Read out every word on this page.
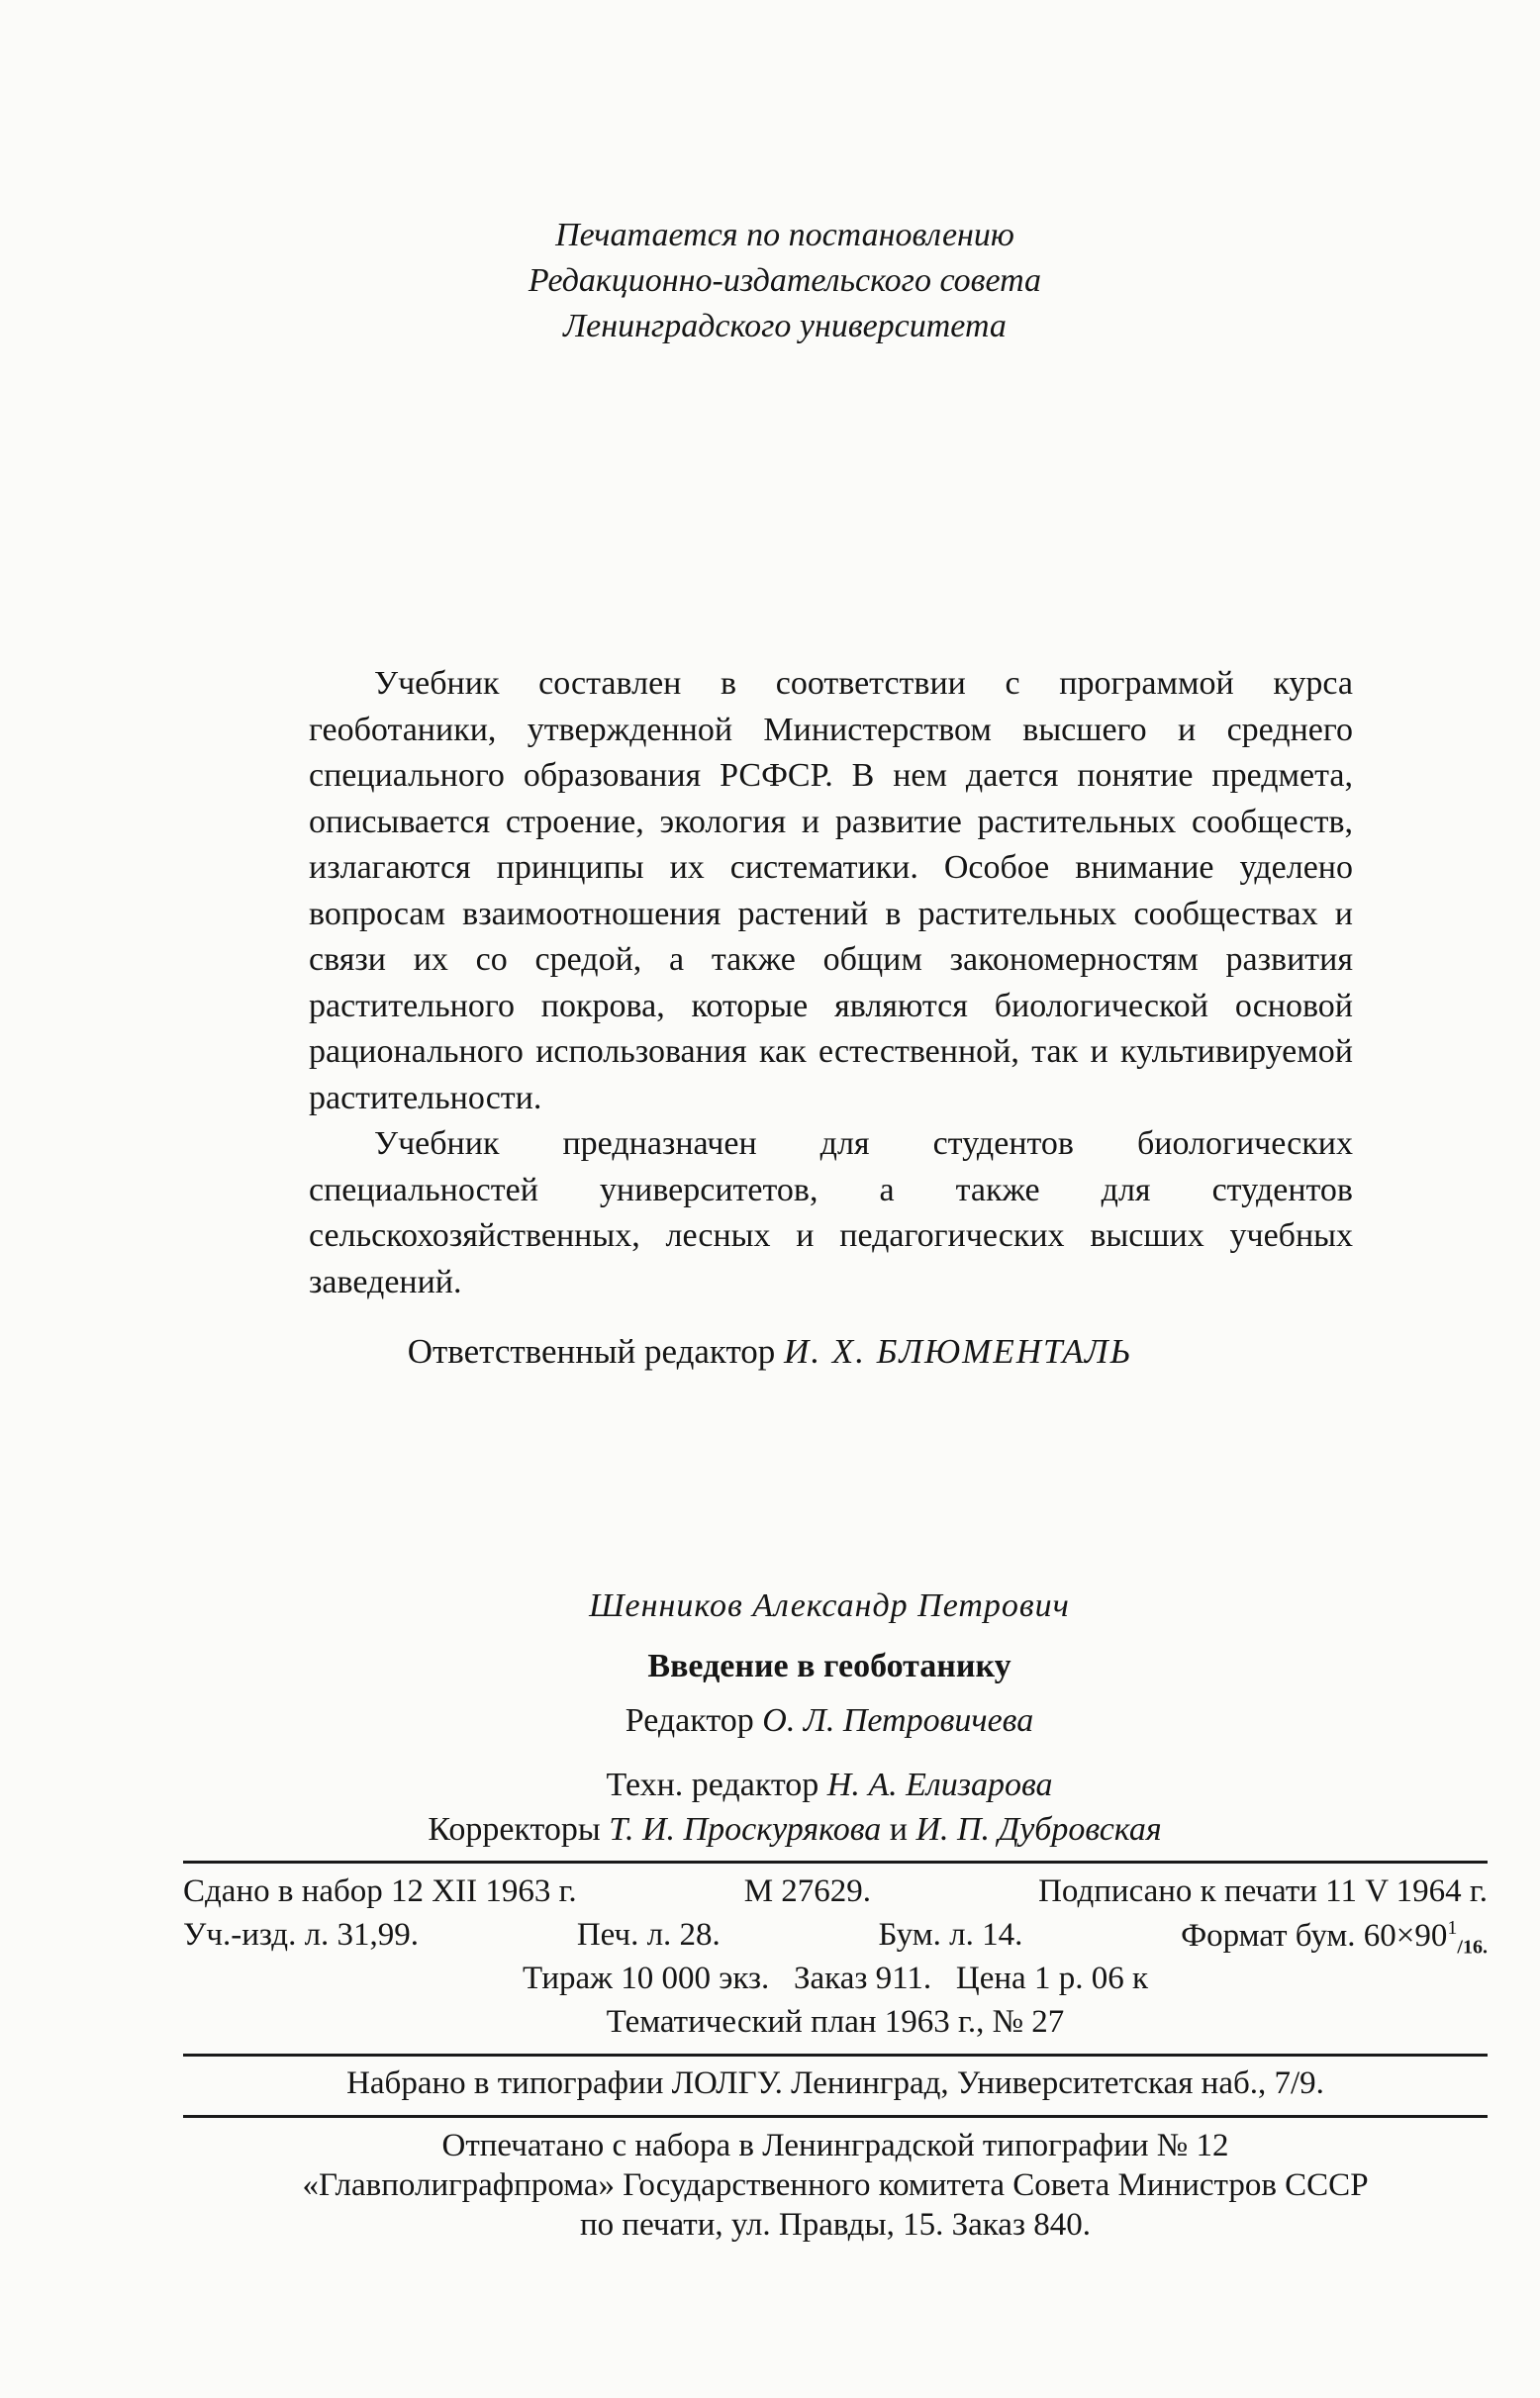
Печатается по постановлению
Редакционно-издательского совета
Ленинградского университета

Учебник составлен в соответствии с программой курса геоботаники, утвержденной Министерством высшего и среднего специального образования РСФСР. В нем дается понятие предмета, описывается строение, экология и развитие растительных сообществ, излагаются принципы их систематики. Особое внимание уделено вопросам взаимоотношения растений в растительных сообществах и связи их со средой, а также общим закономерностям развития растительного покрова, которые являются биологической основой рационального использования как естественной, так и культивируемой растительности.

Учебник предназначен для студентов биологических специальностей университетов, а также для студентов сельскохозяйственных, лесных и педагогических высших учебных заведений.

Ответственный редактор И. Х. БЛЮМЕНТАЛЬ
Шенников Александр Петрович
Введение в геоботанику
Редактор О. Л. Петровичева
Техн. редактор Н. А. Елизарова
Корректоры Т. И. Проскурякова и И. П. Дубровская
Сдано в набор 12 XII 1963 г.	М 27629.	Подписано к печати 11 V 1964 г.
Уч.-изд. л. 31,99.	Печ. л. 28.	Бум. л. 14.	Формат бум. $60\times 90^1_{/16.}$
Тираж 10 000 экз. Заказ 911. Цена 1 р. 06 к
Тематический план 1963 г., № 27
Набрано в типографии ЛОЛГУ. Ленинград, Университетская наб., 7/9.
Отпечатано с набора в Ленинградской типографии № 12
«Главполиграфпрома» Государственного комитета Совета Министров СССР
по печати, ул. Правды, 15. Заказ 840.
